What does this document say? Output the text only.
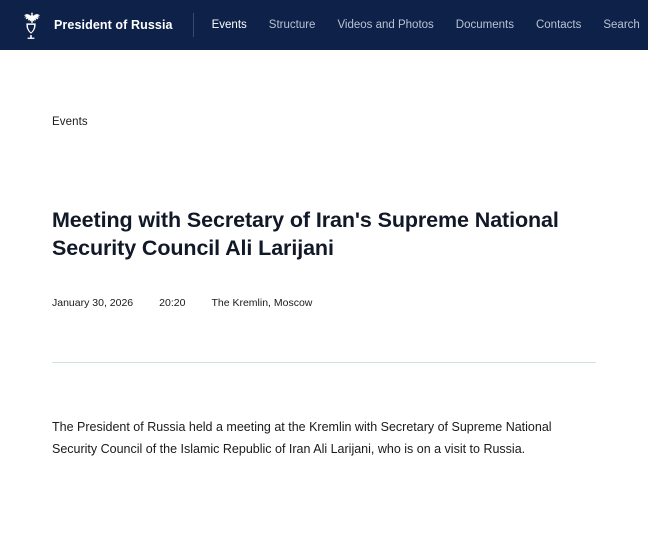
President of Russia	Events Structure Videos and Photos Documents Contacts Search
Events
Meeting with Secretary of Iran's Supreme National Security Council Ali Larijani
January 30, 2026 20:20 The Kremlin, Moscow

The President of Russia held a meeting at the Kremlin with Secretary of Supreme National Security Council of the Islamic Republic of Iran Ali Larijani, who is on a visit to Russia.
